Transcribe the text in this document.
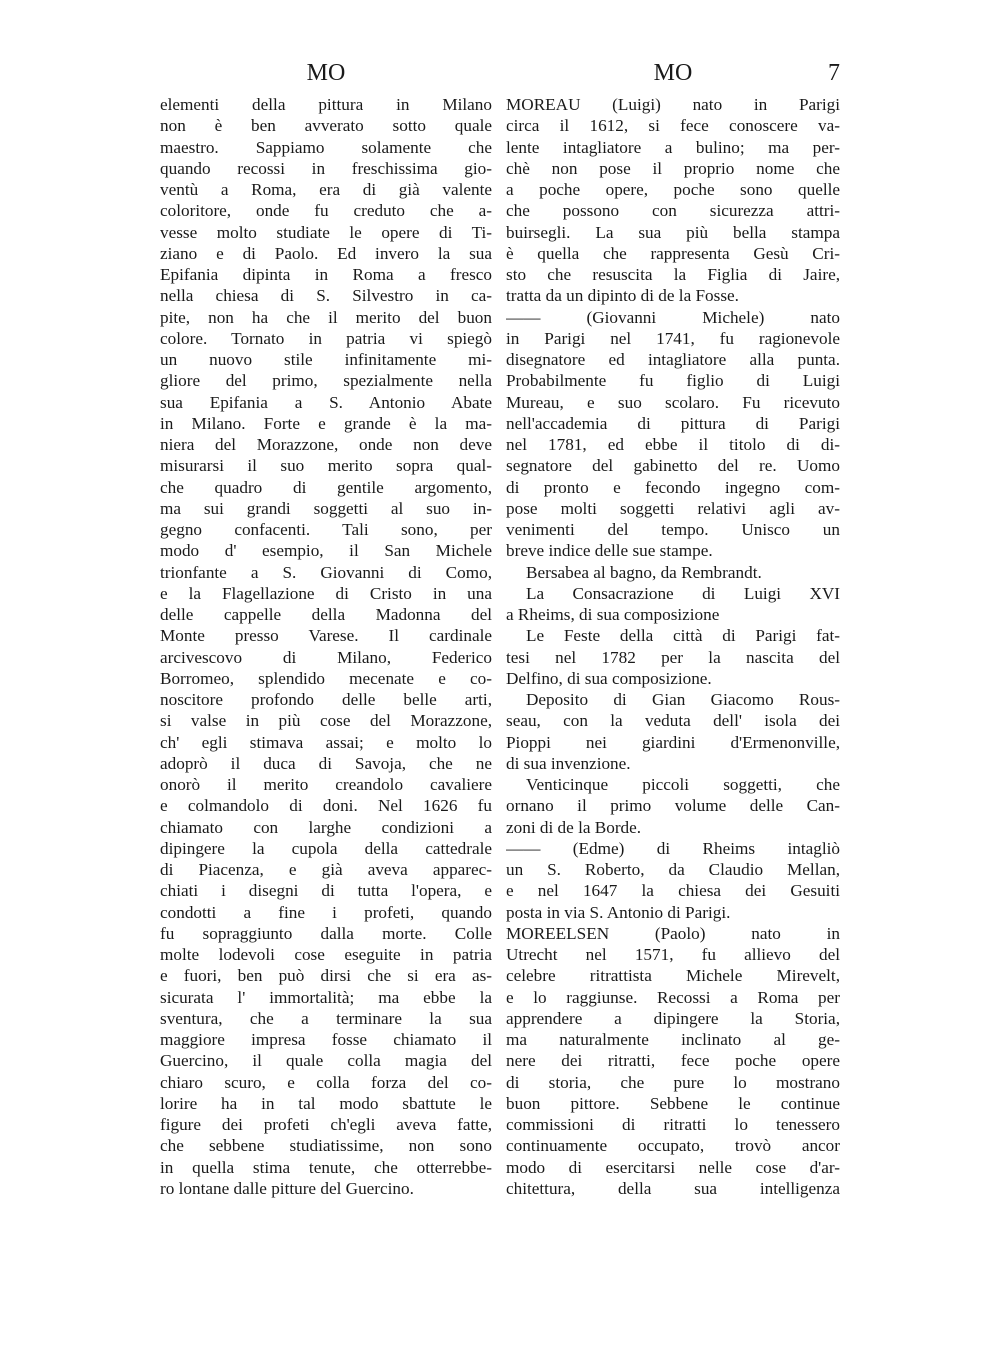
MO
elementi della pittura in Milano
non è ben avverato sotto quale
maestro. Sappiamo solamente che
quando recossi in freschissima gio-
ventù a Roma, era di già valente
coloritore, onde fu creduto che a-
vesse molto studiate le opere di Ti-
ziano e di Paolo. Ed invero la sua
Epifania dipinta in Roma a fresco
nella chiesa di S. Silvestro in ca-
pite, non ha che il merito del buon
colore. Tornato in patria vi spiegò
un nuovo stile infinitamente mi-
gliore del primo, spezialmente nella
sua Epifania a S. Antonio Abate
in Milano. Forte e grande è la ma-
niera del Morazzone, onde non deve
misurarsi il suo merito sopra qual-
che quadro di gentile argomento,
ma sui grandi soggetti al suo in-
gegno confacenti. Tali sono, per
modo d' esempio, il San Michele
trionfante a S. Giovanni di Como,
e la Flagellazione di Cristo in una
delle cappelle della Madonna del
Monte presso Varese. Il cardinale
arcivescovo di Milano, Federico
Borromeo, splendido mecenate e co-
noscitore profondo delle belle arti,
si valse in più cose del Morazzone,
ch' egli stimava assai; e molto lo
adoprò il duca di Savoja, che ne
onorò il merito creandolo cavaliere
e colmandolo di doni. Nel 1626 fu
chiamato con larghe condizioni a
dipingere la cupola della cattedrale
di Piacenza, e già aveva apparec-
chiati i disegni di tutta l'opera, e
condotti a fine i profeti, quando
fu sopraggiunto dalla morte. Colle
molte lodevoli cose eseguite in patria
e fuori, ben può dirsi che si era as-
sicurata l' immortalità; ma ebbe la
sventura, che a terminare la sua
maggiore impresa fosse chiamato il
Guercino, il quale colla magia del
chiaro scuro, e colla forza del co-
lorire ha in tal modo sbattute le
figure dei profeti ch'egli aveva fatte,
che sebbene studiatissime, non sono
in quella stima tenute, che otterrebbe-
ro lontane dalle pitture del Guercino.
MO	7
MOREAU (Luigi) nato in Parigi
circa il 1612, si fece conoscere va-
lente intagliatore a bulino; ma per-
chè non pose il proprio nome che
a poche opere, poche sono quelle
che possono con sicurezza attri-
buirsegli. La sua più bella stampa
è quella che rappresenta Gesù Cri-
sto che resuscita la Figlia di Jaire,
tratta da un dipinto di de la Fosse.
—— (Giovanni Michele) nato
in Parigi nel 1741, fu ragionevole
disegnatore ed intagliatore alla punta.
Probabilmente fu figlio di Luigi
Mureau, e suo scolaro. Fu ricevuto
nell'accademia di pittura di Parigi
nel 1781, ed ebbe il titolo di di-
segnatore del gabinetto del re. Uomo
di pronto e fecondo ingegno com-
pose molti soggetti relativi agli av-
venimenti del tempo. Unisco un
breve indice delle sue stampe.
Bersabea al bagno, da Rembrandt.
La Consacrazione di Luigi XVI
a Rheims, di sua composizione
Le Feste della città di Parigi fat-
tesi nel 1782 per la nascita del
Delfino, di sua composizione.
Deposito di Gian Giacomo Rous-
seau, con la veduta dell' isola dei
Pioppi nei giardini d'Ermenonville,
di sua invenzione.
Venticinque piccoli soggetti, che
ornano il primo volume delle Can-
zoni di de la Borde.
—— (Edme) di Rheims intagliò
un S. Roberto, da Claudio Mellan,
e nel 1647 la chiesa dei Gesuiti
posta in via S. Antonio di Parigi.
MOREELSEN (Paolo) nato in
Utrecht nel 1571, fu allievo del
celebre ritrattista Michele Mirevelt,
e lo raggiunse. Recossi a Roma per
apprendere a dipingere la Storia,
ma naturalmente inclinato al ge-
nere dei ritratti, fece poche opere
di storia, che pure lo mostrano
buon pittore. Sebbene le continue
commissioni di ritratti lo tenessero
continuamente occupato, trovò ancor
modo di esercitarsi nelle cose d'ar-
chitettura, della sua intelligenza
